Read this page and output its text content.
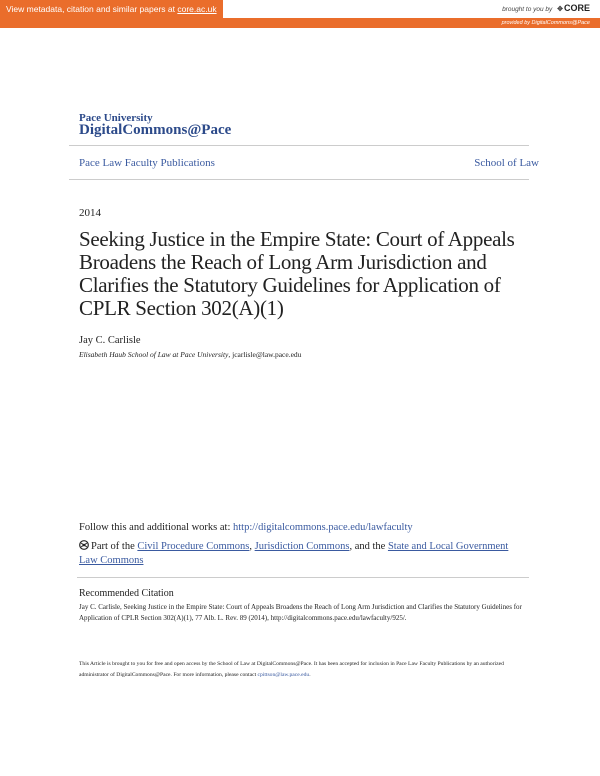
View metadata, citation and similar papers at core.ac.uk	brought to you by ✥CORE
provided by DigitalCommons@Pace
Pace University
DigitalCommons@Pace
Pace Law Faculty Publications	School of Law
2014
Seeking Justice in the Empire State: Court of Appeals Broadens the Reach of Long Arm Jurisdiction and Clarifies the Statutory Guidelines for Application of CPLR Section 302(A)(1)
Jay C. Carlisle
Elisabeth Haub School of Law at Pace University, jcarlisle@law.pace.edu
Follow this and additional works at: http://digitalcommons.pace.edu/lawfaculty
Part of the Civil Procedure Commons, Jurisdiction Commons, and the State and Local Government Law Commons
Recommended Citation
Jay C. Carlisle, Seeking Justice in the Empire State: Court of Appeals Broadens the Reach of Long Arm Jurisdiction and Clarifies the Statutory Guidelines for Application of CPLR Section 302(A)(1), 77 Alb. L. Rev. 89 (2014), http://digitalcommons.pace.edu/lawfaculty/925/.
This Article is brought to you for free and open access by the School of Law at DigitalCommons@Pace. It has been accepted for inclusion in Pace Law Faculty Publications by an authorized administrator of DigitalCommons@Pace. For more information, please contact cpittson@law.pace.edu.
